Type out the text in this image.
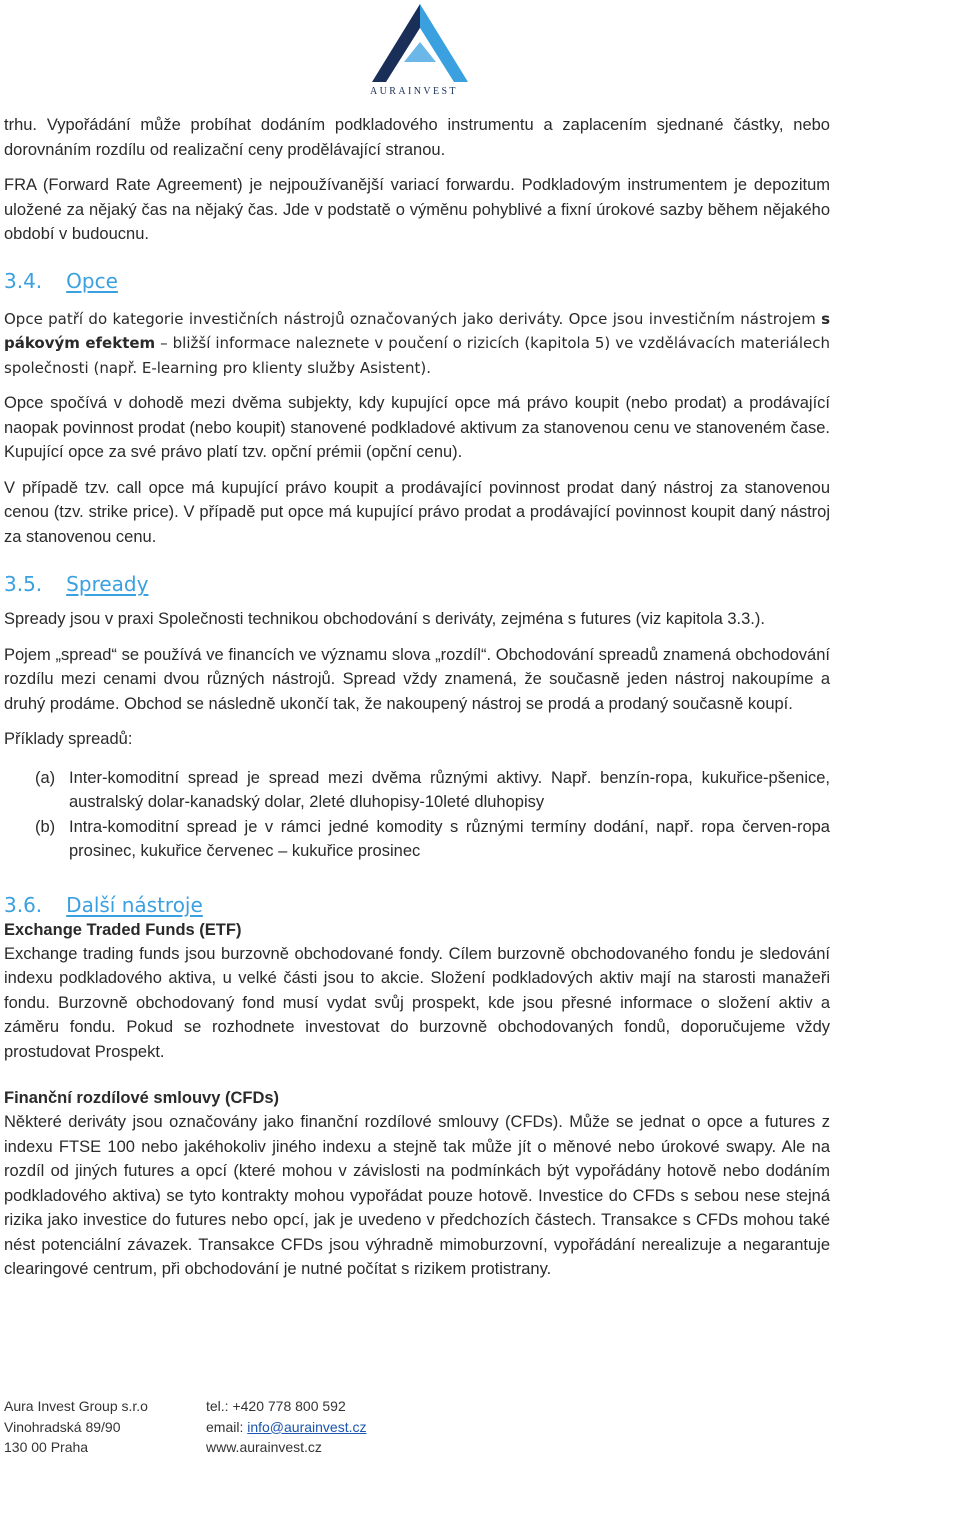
AURAINVEST

trhu. Vypořádání může probíhat dodáním podkladového instrumentu a zaplacením sjednané částky, nebo dorovnáním rozdílu od realizační ceny prodělávající stranou.

FRA (Forward Rate Agreement) je nejpoužívanější variací forwardu. Podkladovým instrumentem je depozitum uložené za nějaký čas na nějaký čas. Jde v podstatě o výměnu pohyblivé a fixní úrokové sazby během nějakého období v budoucnu.

3.4. Opce

Opce patří do kategorie investičních nástrojů označovaných jako deriváty. Opce jsou investičním nástrojem s pákovým efektem – bližší informace naleznete v poučení o rizicích (kapitola 5) ve vzdělávacích materiálech společnosti (např. E-learning pro klienty služby Asistent).

Opce spočívá v dohodě mezi dvěma subjekty, kdy kupující opce má právo koupit (nebo prodat) a prodávající naopak povinnost prodat (nebo koupit) stanovené podkladové aktivum za stanovenou cenu ve stanoveném čase. Kupující opce za své právo platí tzv. opční prémii (opční cenu).

V případě tzv. call opce má kupující právo koupit a prodávající povinnost prodat daný nástroj za stanovenou cenou (tzv. strike price). V případě put opce má kupující právo prodat a prodávající povinnost koupit daný nástroj za stanovenou cenu.

3.5. Spready

Spready jsou v praxi Společnosti technikou obchodování s deriváty, zejména s futures (viz kapitola 3.3.).

Pojem „spread“ se používá ve financích ve významu slova „rozdíl“. Obchodování spreadů znamená obchodování rozdílu mezi cenami dvou různých nástrojů. Spread vždy znamená, že současně jeden nástroj nakoupíme a druhý prodáme. Obchod se následně ukončí tak, že nakoupený nástroj se prodá a prodaný současně koupí.

Příklady spreadů:

(a) Inter-komoditní spread je spread mezi dvěma různými aktivy. Např. benzín-ropa, kukuřice-pšenice, australský dolar-kanadský dolar, 2leté dluhopisy-10leté dluhopisy
(b) Intra-komoditní spread je v rámci jedné komodity s různými termíny dodání, např. ropa červen-ropa prosinec, kukuřice červenec – kukuřice prosinec
3.6. Další nástroje
Exchange Traded Funds (ETF)

Exchange trading funds jsou burzovně obchodované fondy. Cílem burzovně obchodovaného fondu je sledování indexu podkladového aktiva, u velké části jsou to akcie. Složení podkladových aktiv mají na starosti manažeři fondu. Burzovně obchodovaný fond musí vydat svůj prospekt, kde jsou přesné informace o složení aktiv a záměru fondu. Pokud se rozhodnete investovat do burzovně obchodovaných fondů, doporučujeme vždy prostudovat Prospekt.

Finanční rozdílové smlouvy (CFDs)

Některé deriváty jsou označovány jako finanční rozdílové smlouvy (CFDs). Může se jednat o opce a futures z indexu FTSE 100 nebo jakéhokoliv jiného indexu a stejně tak může jít o měnové nebo úrokové swapy. Ale na rozdíl od jiných futures a opcí (které mohou v závislosti na podmínkách být vypořádány hotově nebo dodáním podkladového aktiva) se tyto kontrakty mohou vypořádat pouze hotově. Investice do CFDs s sebou nese stejná rizika jako investice do futures nebo opcí, jak je uvedeno v předchozích částech. Transakce s CFDs mohou také nést potenciální závazek. Transakce CFDs jsou výhradně mimoburzovní, vypořádání nerealizuje a negarantuje clearingové centrum, při obchodování je nutné počítat s rizikem protistrany.

Aura Invest Group s.r.o
Vinohradská 89/90
130 00 Praha
tel.: +420 778 800 592
email: info@aurainvest.cz
www.aurainvest.cz
